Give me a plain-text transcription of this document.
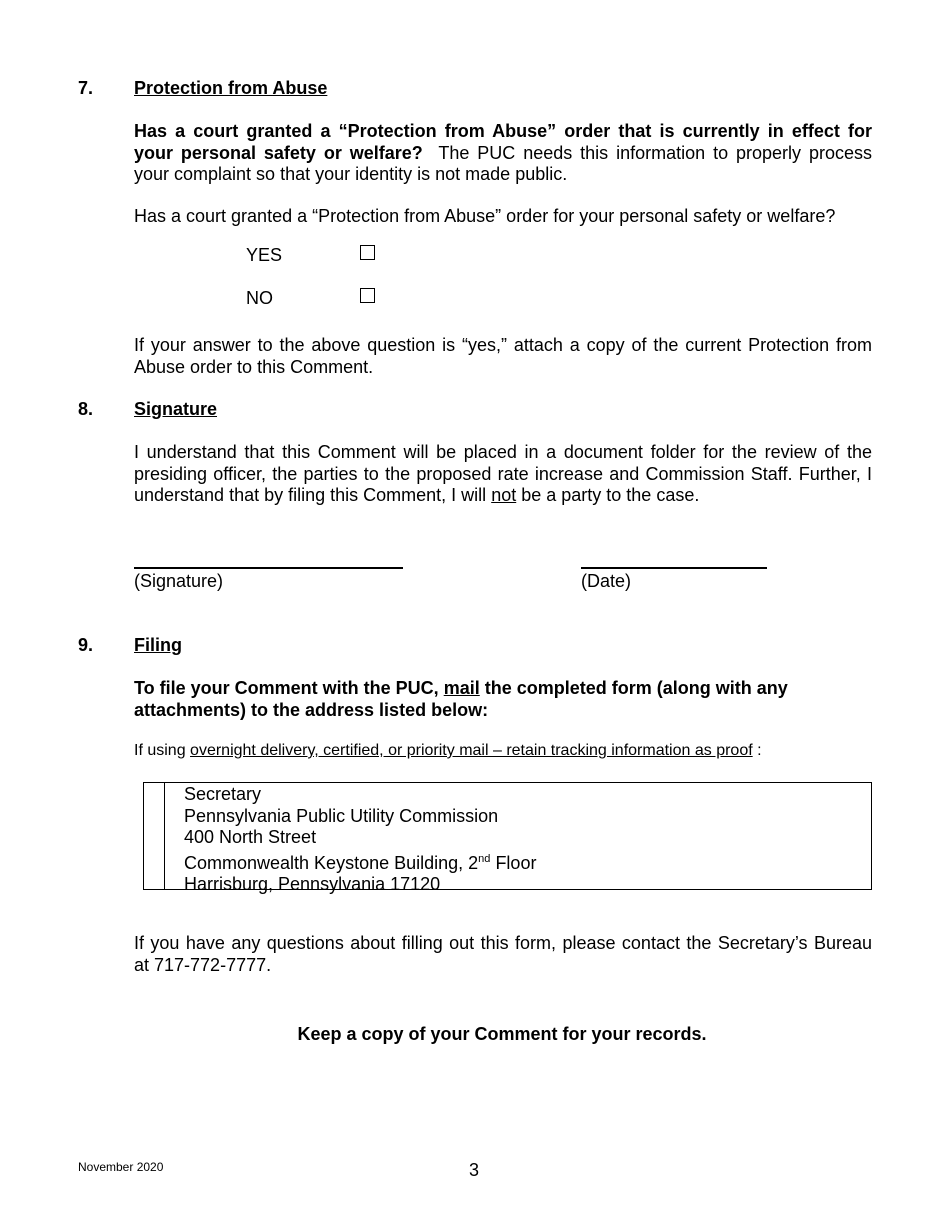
7. Protection from Abuse
Has a court granted a “Protection from Abuse” order that is currently in effect for your personal safety or welfare? The PUC needs this information to properly process your complaint so that your identity is not made public.
Has a court granted a “Protection from Abuse” order for your personal safety or welfare?
YES
NO
If your answer to the above question is “yes,” attach a copy of the current Protection from Abuse order to this Comment.
8. Signature
I understand that this Comment will be placed in a document folder for the review of the presiding officer, the parties to the proposed rate increase and Commission Staff. Further, I understand that by filing this Comment, I will not be a party to the case.
(Signature)	(Date)
9. Filing
To file your Comment with the PUC, mail the completed form (along with any attachments) to the address listed below:
If using overnight delivery, certified, or priority mail – retain tracking information as proof :
Secretary
Pennsylvania Public Utility Commission
400 North Street
Commonwealth Keystone Building, 2nd Floor
Harrisburg, Pennsylvania 17120
If you have any questions about filling out this form, please contact the Secretary’s Bureau at 717-772-7777.
Keep a copy of your Comment for your records.
November 2020	3
